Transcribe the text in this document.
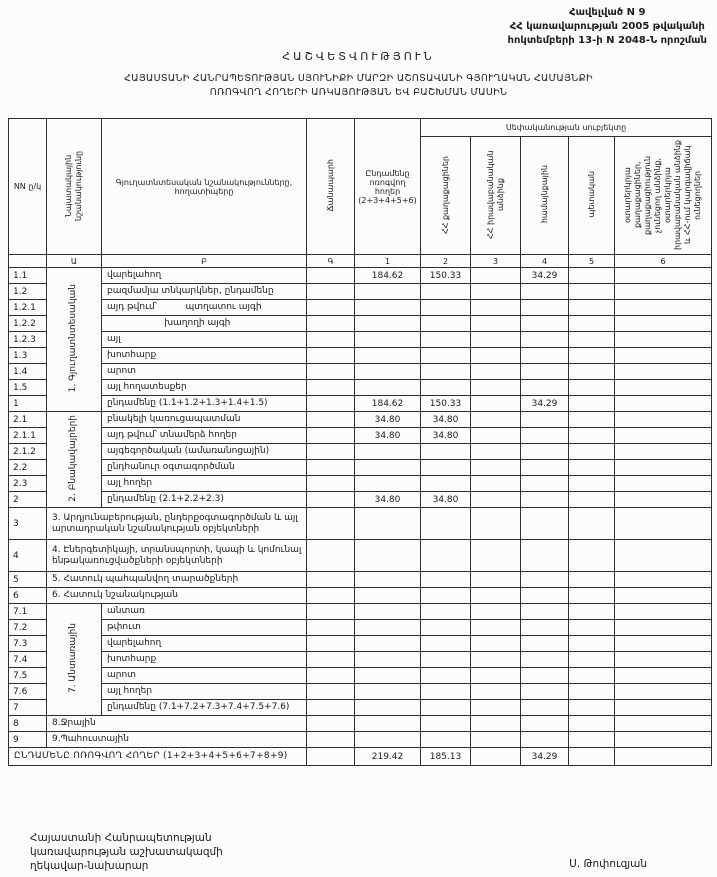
Հավելված N 9
ՀՀ կառավարության 2005 թվականի
հոկտեմբերի 13-ի N 2048-Ն որոշման
ՀԱՇՎԵՏՎՈՒԹՅՈՒՆ
ՀԱՅԱՍՏԱՆԻ ՀԱՆՐԱՊԵՏՈՒԹՅԱՆ ՍՅՈՒՆԻՔԻ ՄԱՐԶԻ ԱՇՈՏԱՎԱՆԻ ԳՅՈՒՂԱԿԱՆ ՀԱՄԱՅՆՔԻ
ՈՌՈԳՎՈՂ ՀՈՂԵՐԻ ԱՌԿԱՅՈՒԹՅԱՆ ԵՎ ԲԱՇԽՄԱՆ ՄԱՍԻՆ
NN ը/կ	Նպատակային նշանակությունը	Գյուղատնտեսական նշանակությունները, հողատիպերը	Ճանապարհ	Ընդամենը ոռոգվող հողեր (2+3+4+5+6)	Սեփականության սուբյեկտը				
					ՀՀ քաղաքացիներ	ՀՀ իրավաբանական անձինք	համայնքային	պետական	օտարերկրյա քաղաքացիներ, քաղաքացիություն չունեցող անձինք, օտարերկրյա իրավաբանական անձինք և ՀՀ-ում կարգավիճակ ունեցողներ
	Ա	Բ	Գ	1	2	3	4	5	6
1.1	1. Գյուղատնտեսական	վարելահող		184.62	150.33		34.29		
1.2		բազմամյա տնկարկներ, ընդամենը							
1.2.1		այդ թվում՝          պտղատու այգի							
1.2.2		խաղողի այգի							
1.2.3		այլ							
1.3		խոտհարք							
1.4		արոտ							
1.5		այլ հողատեսքեր							
1		ընդամենը (1.1+1.2+1.3+1.4+1.5)		184.62	150.33		34.29		
2.1	2. Բնակավայրերի	բնակելի կառուցապատման		34.80	34.80				
2.1.1		այդ թվում՝ տնամերձ հողեր		34.80	34.80				
2.1.2		այգեգործական (ամառանոցային)							
2.2		ընդհանուր օգտագործման							
2.3		այլ հողեր							
2		ընդամենը (2.1+2.2+2.3)		34.80	34.80				
3	3. Արդյունաբերության, ընդերքօգտագործման և այլ արտադրական նշանակության օբյեկտների								
4	4. Էներգետիկայի, տրանսպորտի, կապի և կոմունալ ենթակառուցվածքների օբյեկտների								
5	5. Հատուկ պահպանվող տարածքների								
6	6. Հատուկ նշանակության								
7.1	7. Անտառային	անտառ							
7.2		թփուտ							
7.3		վարելահող							
7.4		խոտհարք							
7.5		արոտ							
7.6		այլ հողեր							
7		ընդամենը (7.1+7.2+7.3+7.4+7.5+7.6)							
8	8.Ջրային								
9	9.Պահուստային								
ԸՆԴԱՄԵՆԸ ՈՌՈԳՎՈՂ ՀՈՂԵՐ (1+2+3+4+5+6+7+8+9)				219.42	185.13		34.29		
Հայաստանի Հանրապետության
կառավարության աշխատակազմի
ղեկավար-նախարար	Ս. Թոփուզյան
